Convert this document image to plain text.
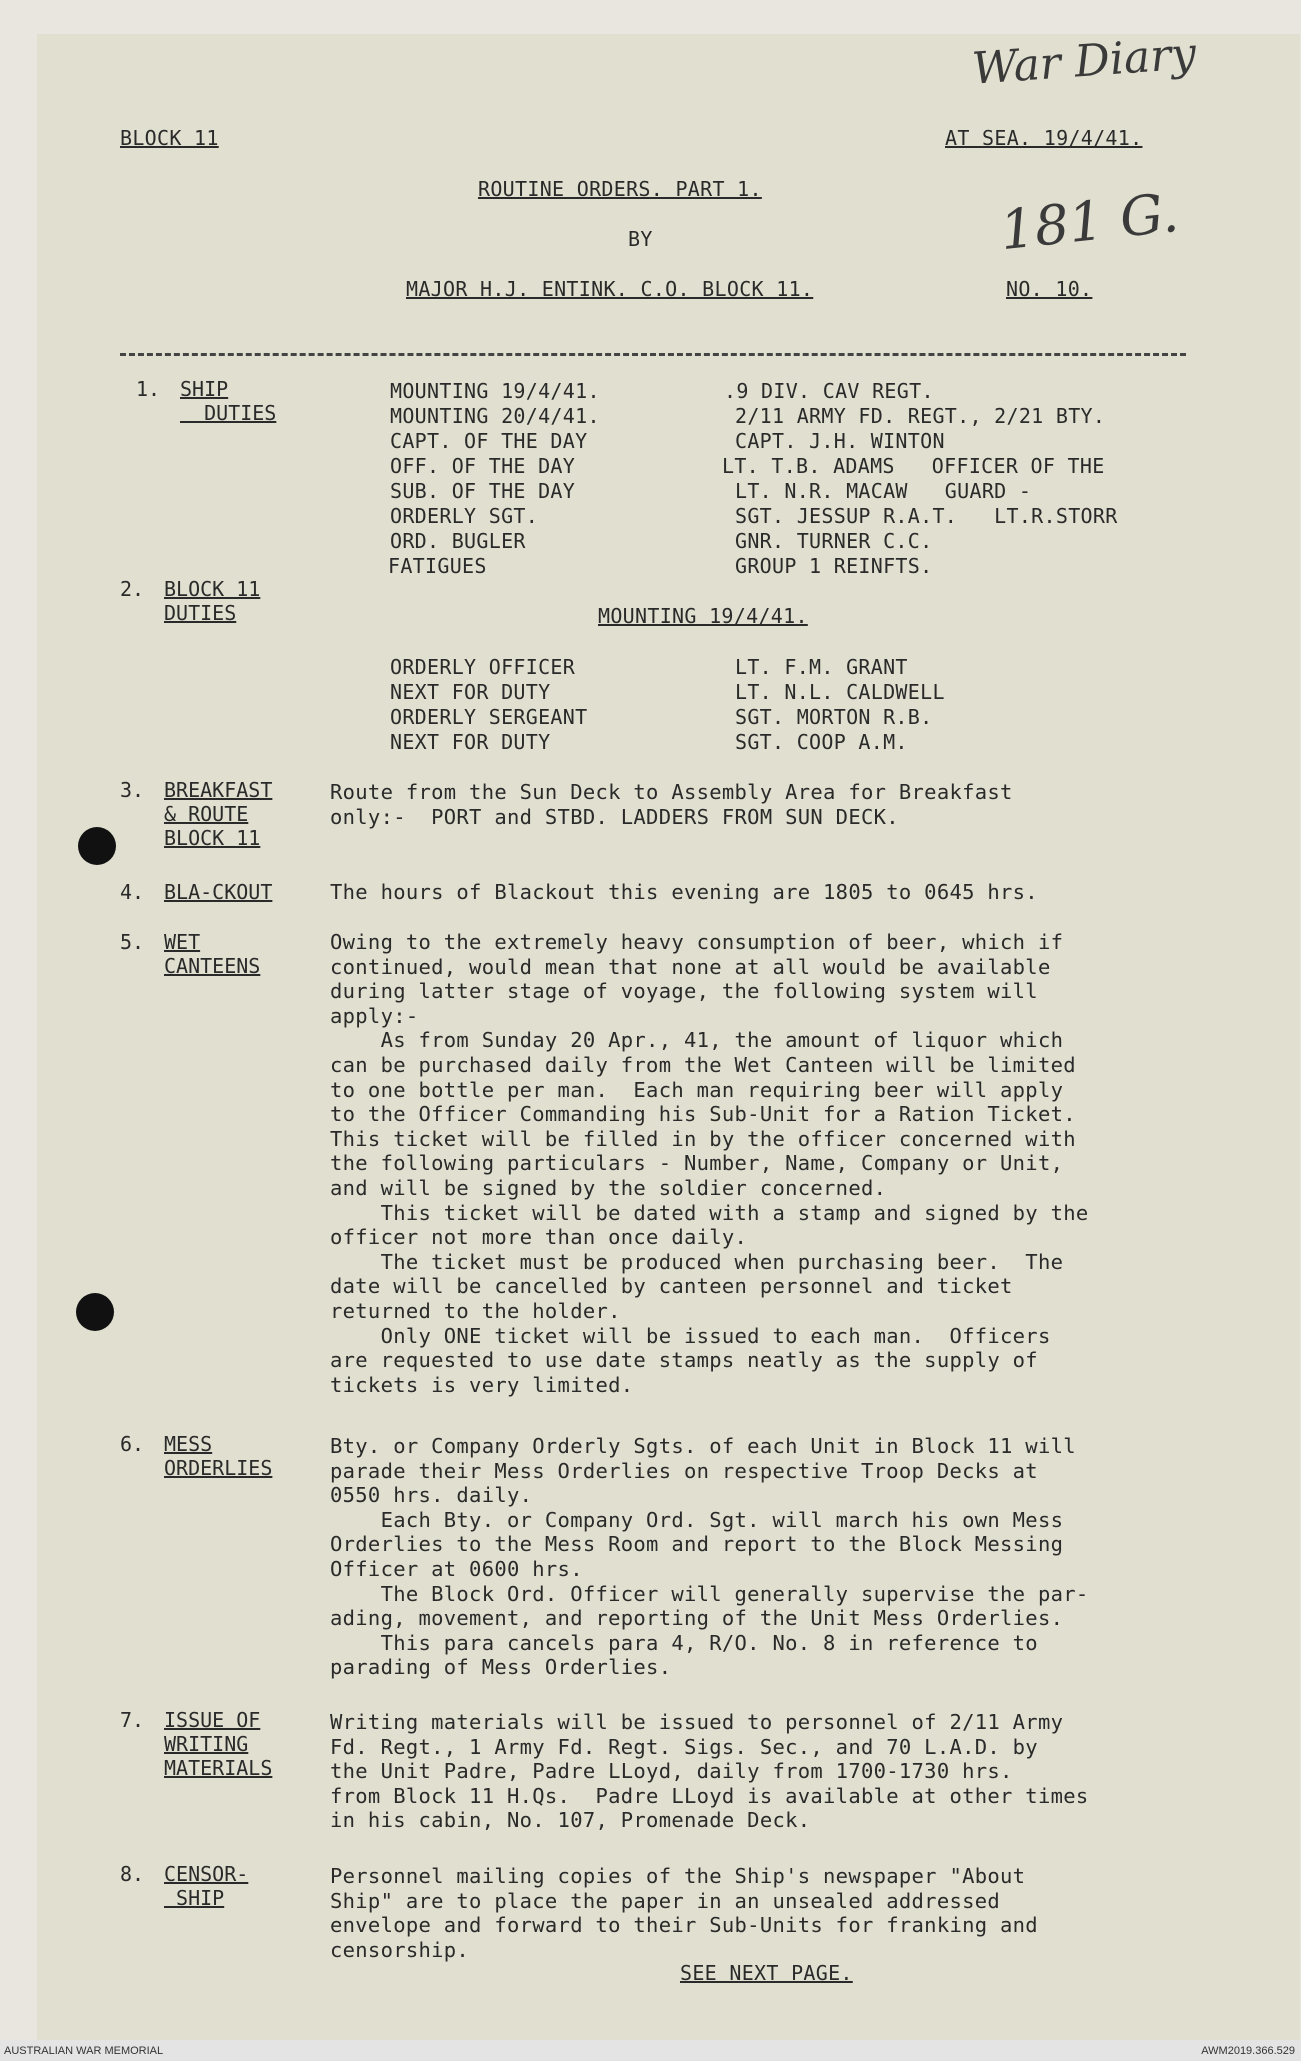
War Diary
181 G.
BLOCK 11	AT SEA. 19/4/41.
ROUTINE ORDERS. PART 1.
BY
MAJOR H.J. ENTINK. C.O. BLOCK 11.	NO. 10.
1. SHIP
DUTIES
MOUNTING 19/4/41.	.9 DIV. CAV REGT.
MOUNTING 20/4/41.	2/11 ARMY FD. REGT., 2/21 BTY.
CAPT. OF THE DAY	CAPT. J.H. WINTON
OFF. OF THE DAY	LT. T.B. ADAMS   OFFICER OF THE
SUB. OF THE DAY	LT. N.R. MACAW   GUARD -
ORDERLY SGT.	SGT. JESSUP R.A.T.   LT.R.STORR
ORD. BUGLER	GNR. TURNER C.C.
FATIGUES	GROUP 1 REINFTS.
2. BLOCK 11
DUTIES	MOUNTING 19/4/41.
ORDERLY OFFICER	LT. F.M. GRANT
NEXT FOR DUTY	LT. N.L. CALDWELL
ORDERLY SERGEANT	SGT. MORTON R.B.
NEXT FOR DUTY	SGT. COOP A.M.
3. BREAKFAST
& ROUTE
BLOCK 11
Route from the Sun Deck to Assembly Area for Breakfast
only:-  PORT and STBD. LADDERS FROM SUN DECK.
4. BLA-CKOUT	The hours of Blackout this evening are 1805 to 0645 hrs.
5. WET
CANTEENS
Owing to the extremely heavy consumption of beer, which if
continued, would mean that none at all would be available
during latter stage of voyage, the following system will
apply:-
As from Sunday 20 Apr., 41, the amount of liquor which
can be purchased daily from the Wet Canteen will be limited
to one bottle per man.  Each man requiring beer will apply
to the Officer Commanding his Sub-Unit for a Ration Ticket.
This ticket will be filled in by the officer concerned with
the following particulars - Number, Name, Company or Unit,
and will be signed by the soldier concerned.
This ticket will be dated with a stamp and signed by the
officer not more than once daily.
The ticket must be produced when purchasing beer.  The
date will be cancelled by canteen personnel and ticket
returned to the holder.
Only ONE ticket will be issued to each man.  Officers
are requested to use date stamps neatly as the supply of
tickets is very limited.
6. MESS
ORDERLIES
Bty. or Company Orderly Sgts. of each Unit in Block 11 will
parade their Mess Orderlies on respective Troop Decks at
0550 hrs. daily.
Each Bty. or Company Ord. Sgt. will march his own Mess
Orderlies to the Mess Room and report to the Block Messing
Officer at 0600 hrs.
The Block Ord. Officer will generally supervise the par-
ading, movement, and reporting of the Unit Mess Orderlies.
This para cancels para 4, R/O. No. 8 in reference to
parading of Mess Orderlies.
7. ISSUE OF
WRITING
MATERIALS
Writing materials will be issued to personnel of 2/11 Army
Fd. Regt., 1 Army Fd. Regt. Sigs. Sec., and 70 L.A.D. by
the Unit Padre, Padre LLoyd, daily from 1700-1730 hrs.
from Block 11 H.Qs.  Padre LLoyd is available at other times
in his cabin, No. 107, Promenade Deck.
8. CENSOR-
SHIP
Personnel mailing copies of the Ship's newspaper "About
Ship" are to place the paper in an unsealed addressed
envelope and forward to their Sub-Units for franking and
censorship.
SEE NEXT PAGE.
AUSTRALIAN WAR MEMORIAL	AWM2019.366.529
